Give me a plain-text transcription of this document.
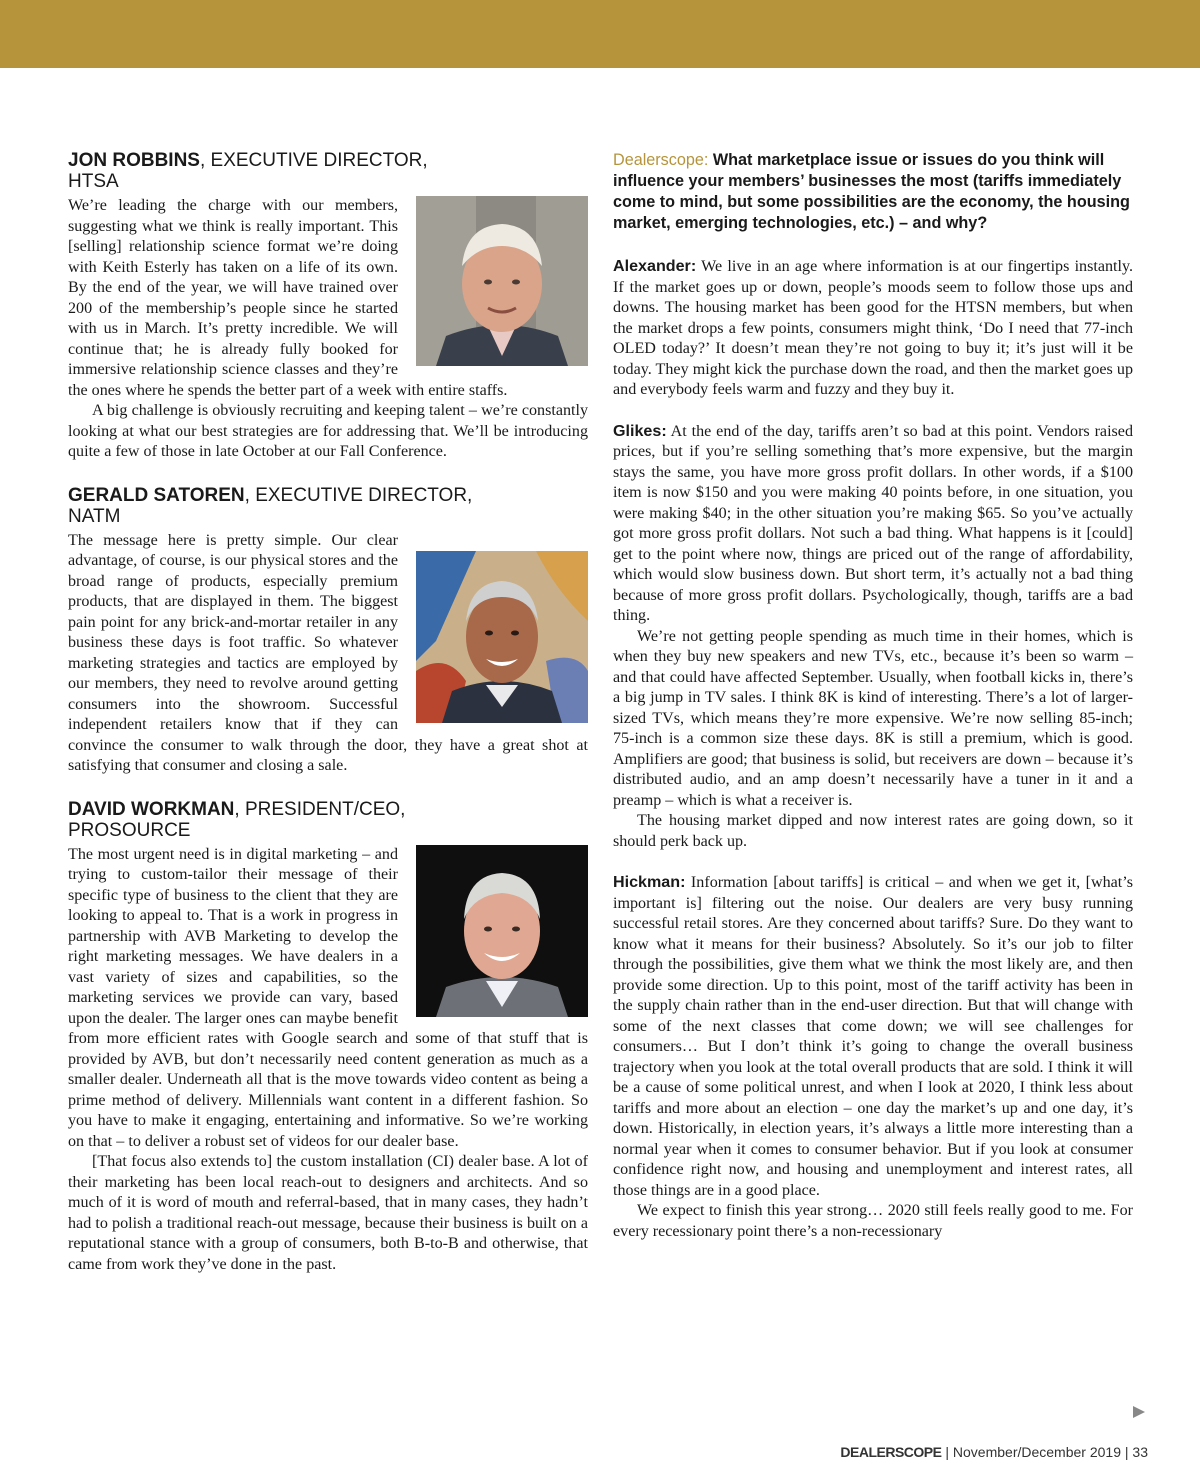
JON ROBBINS, EXECUTIVE DIRECTOR,
HTSA

We’re leading the charge with our members, suggesting what we think is really important. This [selling] relationship science format we’re doing with Keith Esterly has taken on a life of its own. By the end of the year, we will have trained over 200 of the membership’s people since he started with us in March. It’s pretty incredible. We will continue that; he is already fully booked for immersive relationship science classes and they’re the ones where he spends the better part of a week with entire staffs.

A big challenge is obviously recruiting and keeping talent – we’re constantly looking at what our best strategies are for addressing that. We’ll be introducing quite a few of those in late October at our Fall Conference.

GERALD SATOREN, EXECUTIVE DIRECTOR,
NATM

The message here is pretty simple. Our clear advantage, of course, is our physical stores and the broad range of products, especially premium products, that are displayed in them. The biggest pain point for any brick-and-mortar retailer in any business these days is foot traffic. So whatever marketing strategies and tactics are employed by our members, they need to revolve around getting consumers into the showroom. Successful independent retailers know that if they can convince the consumer to walk through the door, they have a great shot at satisfying that consumer and closing a sale.

DAVID WORKMAN, PRESIDENT/CEO,
PROSOURCE

The most urgent need is in digital marketing – and trying to custom-tailor their message of their specific type of business to the client that they are looking to appeal to. That is a work in progress in partnership with AVB Marketing to develop the right marketing messages. We have dealers in a vast variety of sizes and capabilities, so the marketing services we provide can vary, based upon the dealer. The larger ones can maybe benefit from more efficient rates with Google search and some of that stuff that is provided by AVB, but don’t necessarily need content generation as much as a smaller dealer. Underneath all that is the move towards video content as being a prime method of delivery. Millennials want content in a different fashion. So you have to make it engaging, entertaining and informative. So we’re working on that – to deliver a robust set of videos for our dealer base.

[That focus also extends to] the custom installation (CI) dealer base. A lot of their marketing has been local reach-out to designers and architects. And so much of it is word of mouth and referral-based, that in many cases, they hadn’t had to polish a traditional reach-out message, because their business is built on a reputational stance with a group of consumers, both B-to-B and otherwise, that came from work they’ve done in the past.

Dealerscope: What marketplace issue or issues do you think will influence your members’ businesses the most (tariffs immediately come to mind, but some possibilities are the economy, the housing market, emerging technologies, etc.) – and why?

Alexander: We live in an age where information is at our fingertips instantly. If the market goes up or down, people’s moods seem to follow those ups and downs. The housing market has been good for the HTSN members, but when the market drops a few points, consumers might think, ‘Do I need that 77-inch OLED today?’ It doesn’t mean they’re not going to buy it; it’s just will it be today. They might kick the purchase down the road, and then the market goes up and everybody feels warm and fuzzy and they buy it.

Glikes: At the end of the day, tariffs aren’t so bad at this point. Vendors raised prices, but if you’re selling something that’s more expensive, but the margin stays the same, you have more gross profit dollars. In other words, if a $100 item is now $150 and you were making 40 points before, in one situation, you were making $40; in the other situation you’re making $65. So you’ve actually got more gross profit dollars. Not such a bad thing. What happens is it [could] get to the point where now, things are priced out of the range of affordability, which would slow business down. But short term, it’s actually not a bad thing because of more gross profit dollars. Psychologically, though, tariffs are a bad thing.

We’re not getting people spending as much time in their homes, which is when they buy new speakers and new TVs, etc., because it’s been so warm – and that could have affected September. Usually, when football kicks in, there’s a big jump in TV sales. I think 8K is kind of interesting. There’s a lot of larger-sized TVs, which means they’re more expensive. We’re now selling 85-inch; 75-inch is a common size these days. 8K is still a premium, which is good. Amplifiers are good; that business is solid, but receivers are down – because it’s distributed audio, and an amp doesn’t necessarily have a tuner in it and a preamp – which is what a receiver is.

The housing market dipped and now interest rates are going down, so it should perk back up.

Hickman: Information [about tariffs] is critical – and when we get it, [what’s important is] filtering out the noise. Our dealers are very busy running successful retail stores. Are they concerned about tariffs? Sure. Do they want to know what it means for their business? Absolutely. So it’s our job to filter through the possibilities, give them what we think the most likely are, and then provide some direction. Up to this point, most of the tariff activity has been in the supply chain rather than in the end-user direction. But that will change with some of the next classes that come down; we will see challenges for consumers… But I don’t think it’s going to change the overall business trajectory when you look at the total overall products that are sold. I think it will be a cause of some political unrest, and when I look at 2020, I think less about tariffs and more about an election – one day the market’s up and one day, it’s down. Historically, in election years, it’s always a little more interesting than a normal year when it comes to consumer behavior. But if you look at consumer confidence right now, and housing and unemployment and interest rates, all those things are in a good place.

We expect to finish this year strong… 2020 still feels really good to me. For every recessionary point there’s a non-recessionary

DEALERSCOPE | November/December 2019 | 33
